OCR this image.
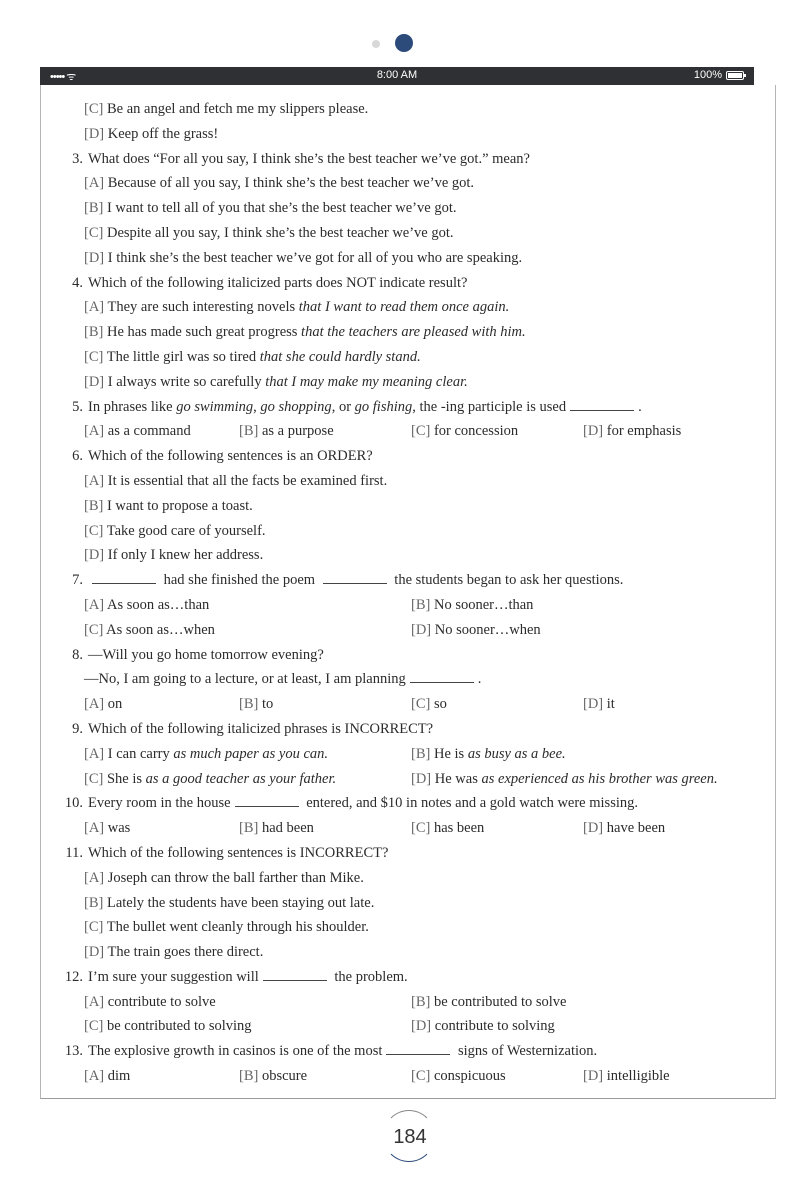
••••• ᯤ	8:00 AM	100%
[C] Be an angel and fetch me my slippers please.
[D] Keep off the grass!
3. What does “For all you say, I think she’s the best teacher we’ve got.” mean?
[A] Because of all you say, I think she’s the best teacher we’ve got.
[B] I want to tell all of you that she’s the best teacher we’ve got.
[C] Despite all you say, I think she’s the best teacher we’ve got.
[D] I think she’s the best teacher we’ve got for all of you who are speaking.
4. Which of the following italicized parts does NOT indicate result?
[A] They are such interesting novels that I want to read them once again.
[B] He has made such great progress that the teachers are pleased with him.
[C] The little girl was so tired that she could hardly stand.
[D] I always write so carefully that I may make my meaning clear.
5. In phrases like go swimming, go shopping, or go fishing, the -ing participle is used	.
[A] as a command	[B] as a purpose	[C] for concession	[D] for emphasis
6. Which of the following sentences is an ORDER?
[A] It is essential that all the facts be examined first.
[B] I want to propose a toast.
[C] Take good care of yourself.
[D] If only I knew her address.
7.	had she finished the poem	the students began to ask her questions.
[A] As soon as…than	[B] No sooner…than
[C] As soon as…when	[D] No sooner…when
8. —Will you go home tomorrow evening?
—No, I am going to a lecture, or at least, I am planning	.
[A] on	[B] to	[C] so	[D] it
9. Which of the following italicized phrases is INCORRECT?
[A] I can carry as much paper as you can.	[B] He is as busy as a bee.
[C] She is as a good teacher as your father.	[D] He was as experienced as his brother was green.
10. Every room in the house	entered, and $10 in notes and a gold watch were missing.
[A] was	[B] had been	[C] has been	[D] have been
11. Which of the following sentences is INCORRECT?
[A] Joseph can throw the ball farther than Mike.
[B] Lately the students have been staying out late.
[C] The bullet went cleanly through his shoulder.
[D] The train goes there direct.
12. I’m sure your suggestion will	the problem.
[A] contribute to solve	[B] be contributed to solve
[C] be contributed to solving	[D] contribute to solving
13. The explosive growth in casinos is one of the most	signs of Westernization.
[A] dim	[B] obscure	[C] conspicuous	[D] intelligible
184
